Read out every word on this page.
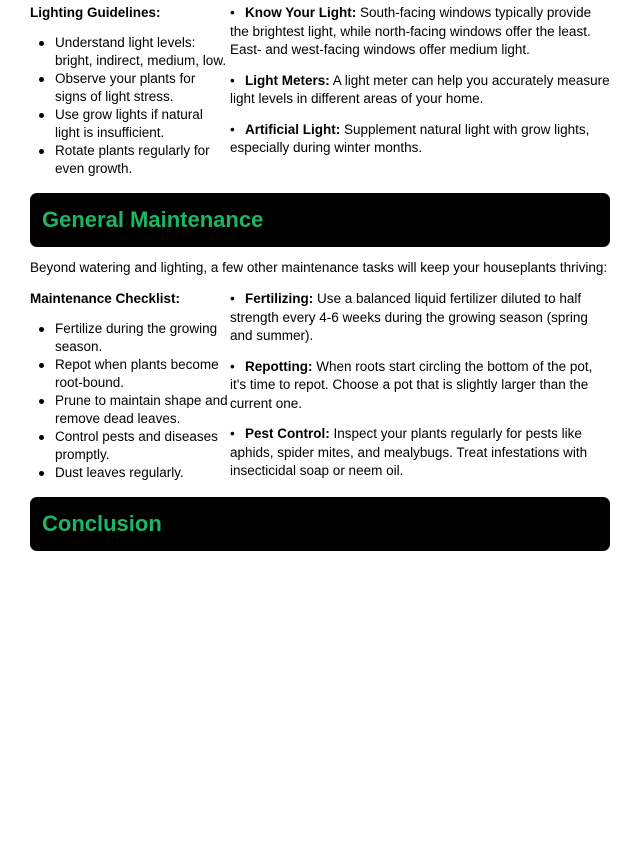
Lighting Guidelines:
Understand light levels: bright, indirect, medium, low.
Observe your plants for signs of light stress.
Use grow lights if natural light is insufficient.
Rotate plants regularly for even growth.

• Know Your Light: South-facing windows typically provide the brightest light, while north-facing windows offer the least. East- and west-facing windows offer medium light.

• Light Meters: A light meter can help you accurately measure light levels in different areas of your home.

• Artificial Light: Supplement natural light with grow lights, especially during winter months.

General Maintenance
Beyond watering and lighting, a few other maintenance tasks will keep your houseplants thriving:
Maintenance Checklist:
Fertilize during the growing season.
Repot when plants become root-bound.
Prune to maintain shape and remove dead leaves.
Control pests and diseases promptly.
Dust leaves regularly.

• Fertilizing: Use a balanced liquid fertilizer diluted to half strength every 4-6 weeks during the growing season (spring and summer).

• Repotting: When roots start circling the bottom of the pot, it's time to repot. Choose a pot that is slightly larger than the current one.

• Pest Control: Inspect your plants regularly for pests like aphids, spider mites, and mealybugs. Treat infestations with insecticidal soap or neem oil.

Conclusion
